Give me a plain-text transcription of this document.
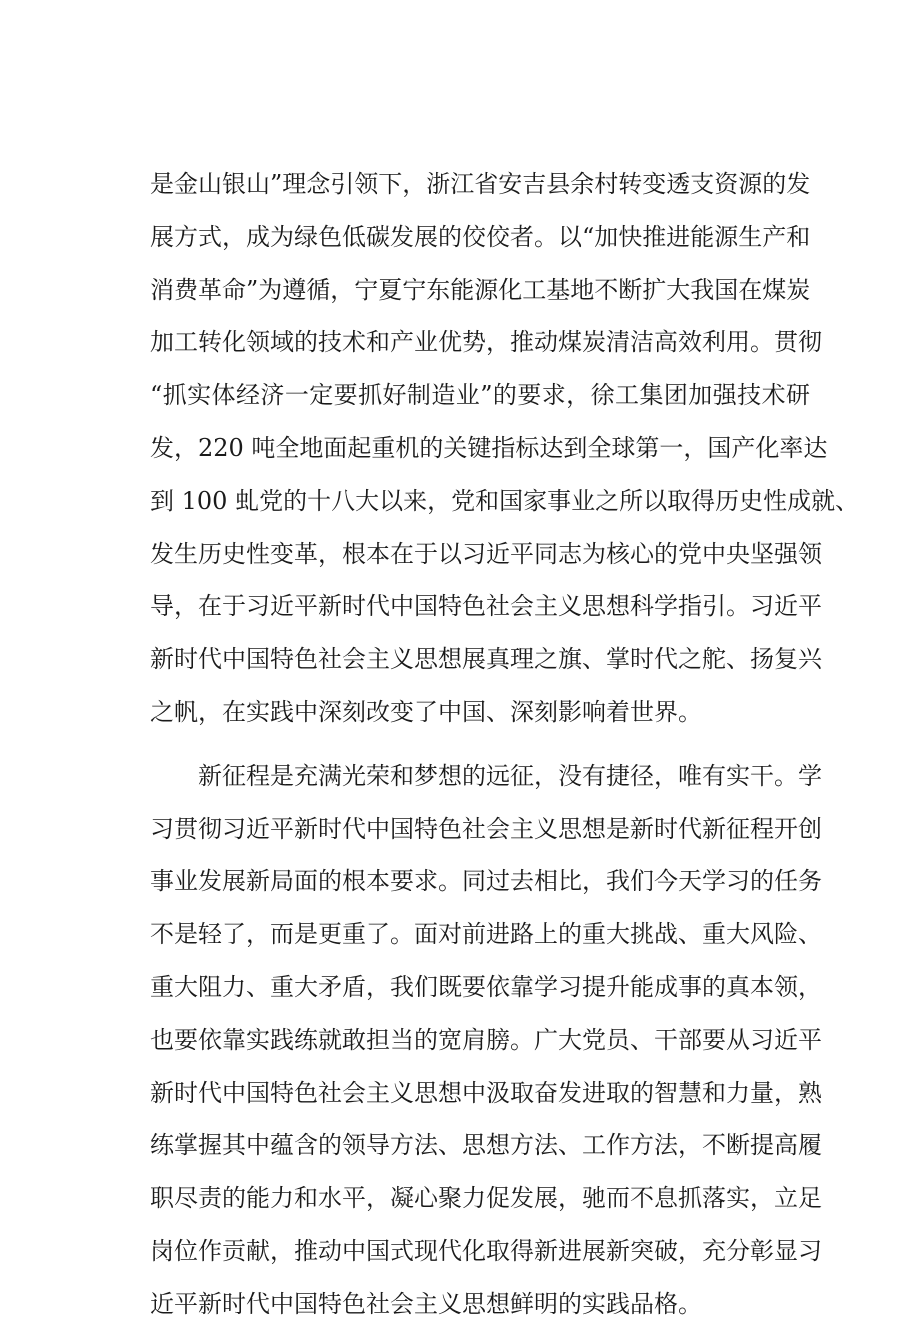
是金山银山”理念引领下，浙江省安吉县余村转变透支资源的发
展方式，成为绿色低碳发展的佼佼者。以“加快推进能源生产和
消费革命”为遵循，宁夏宁东能源化工基地不断扩大我国在煤炭
加工转化领域的技术和产业优势，推动煤炭清洁高效利用。贯彻
“抓实体经济一定要抓好制造业”的要求，徐工集团加强技术研
发，220 吨全地面起重机的关键指标达到全球第一，国产化率达
到 100 虬党的十八大以来，党和国家事业之所以取得历史性成就、
发生历史性变革，根本在于以习近平同志为核心的党中央坚强领
导，在于习近平新时代中国特色社会主义思想科学指引。习近平
新时代中国特色社会主义思想展真理之旗、掌时代之舵、扬复兴
之帆，在实践中深刻改变了中国、深刻影响着世界。
新征程是充满光荣和梦想的远征，没有捷径，唯有实干。学
习贯彻习近平新时代中国特色社会主义思想是新时代新征程开创
事业发展新局面的根本要求。同过去相比，我们今天学习的任务
不是轻了，而是更重了。面对前进路上的重大挑战、重大风险、
重大阻力、重大矛盾，我们既要依靠学习提升能成事的真本领，
也要依靠实践练就敢担当的宽肩膀。广大党员、干部要从习近平
新时代中国特色社会主义思想中汲取奋发进取的智慧和力量，熟
练掌握其中蕴含的领导方法、思想方法、工作方法，不断提高履
职尽责的能力和水平，凝心聚力促发展，驰而不息抓落实，立足
岗位作贡献，推动中国式现代化取得新进展新突破，充分彰显习
近平新时代中国特色社会主义思想鲜明的实践品格。
